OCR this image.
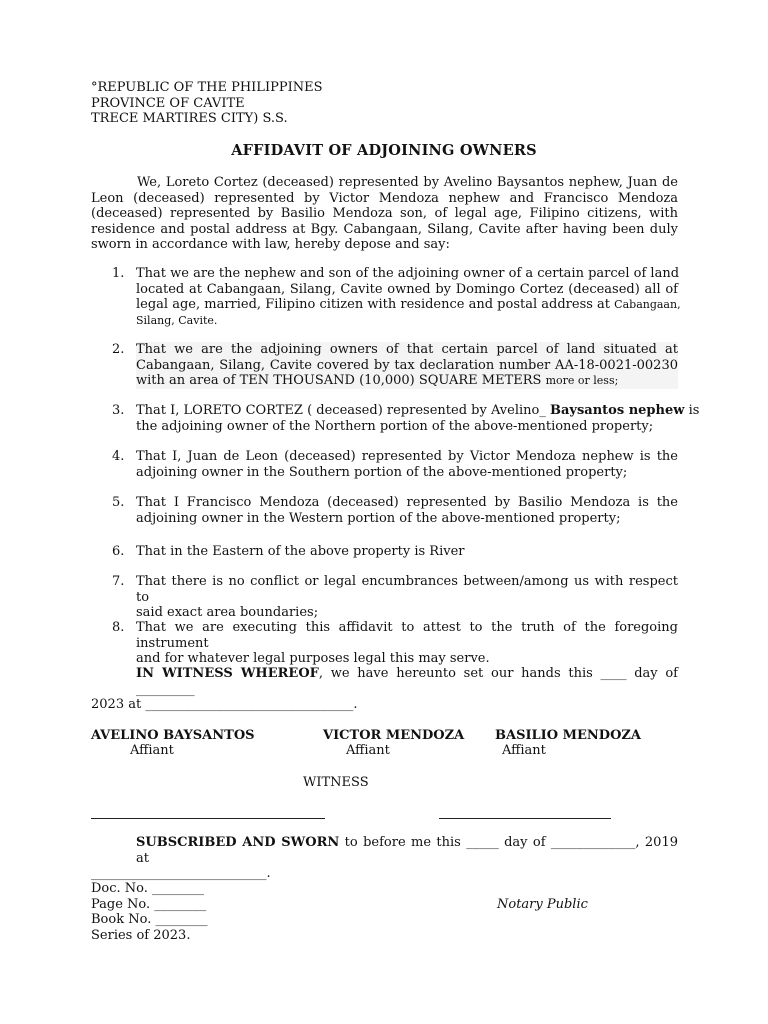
°REPUBLIC OF THE PHILIPPINES
PROVINCE OF CAVITE
TRECE MARTIRES CITY) S.S.
AFFIDAVIT OF ADJOINING OWNERS
We, Loreto Cortez (deceased) represented by Avelino Baysantos nephew, Juan de
Leon (deceased) represented by Victor Mendoza nephew and Francisco Mendoza
(deceased) represented by Basilio Mendoza son, of legal age, Filipino citizens, with
residence and postal address at Bgy. Cabangaan, Silang, Cavite after having been duly
sworn in accordance with law, hereby depose and say:
1. That we are the nephew and son of the adjoining owner of a certain parcel of land
located at Cabangaan, Silang, Cavite owned by Domingo Cortez (deceased) all of
legal age, married, Filipino citizen with residence and postal address at Cabangaan,
Silang, Cavite.
2. That we are the adjoining owners of that certain parcel of land situated at
Cabangaan, Silang, Cavite covered by tax declaration number AA-18-0021-00230
with an area of TEN THOUSAND (10,000) SQUARE METERS more or less;
3. That I, LORETO CORTEZ ( deceased) represented by Avelino_ Baysantos nephew is
the adjoining owner of the Northern portion of the above-mentioned property;
4. That I, Juan de Leon (deceased) represented by Victor Mendoza nephew is the
adjoining owner in the Southern portion of the above-mentioned property;
5. That I Francisco Mendoza (deceased) represented by Basilio Mendoza is the
adjoining owner in the Western portion of the above-mentioned property;
6. That in the Eastern of the above property is River
7. That there is no conflict or legal encumbrances between/among us with respect to
said exact area boundaries;
8. That we are executing this affidavit to attest to the truth of the foregoing instrument
and for whatever legal purposes legal this may serve.
IN WITNESS WHEREOF, we have hereunto set our hands this ____ day of _________
2023 at ________________________________.
AVELINO BAYSANTOS
Affiant
VICTOR MENDOZA
Affiant
BASILIO MENDOZA
Affiant
WITNESS
SUBSCRIBED AND SWORN to before me this _____ day of _____________, 2019 at
___________________________.
Doc. No. ________
Page No. ________
Book No. ________
Series of 2023.
Notary Public
